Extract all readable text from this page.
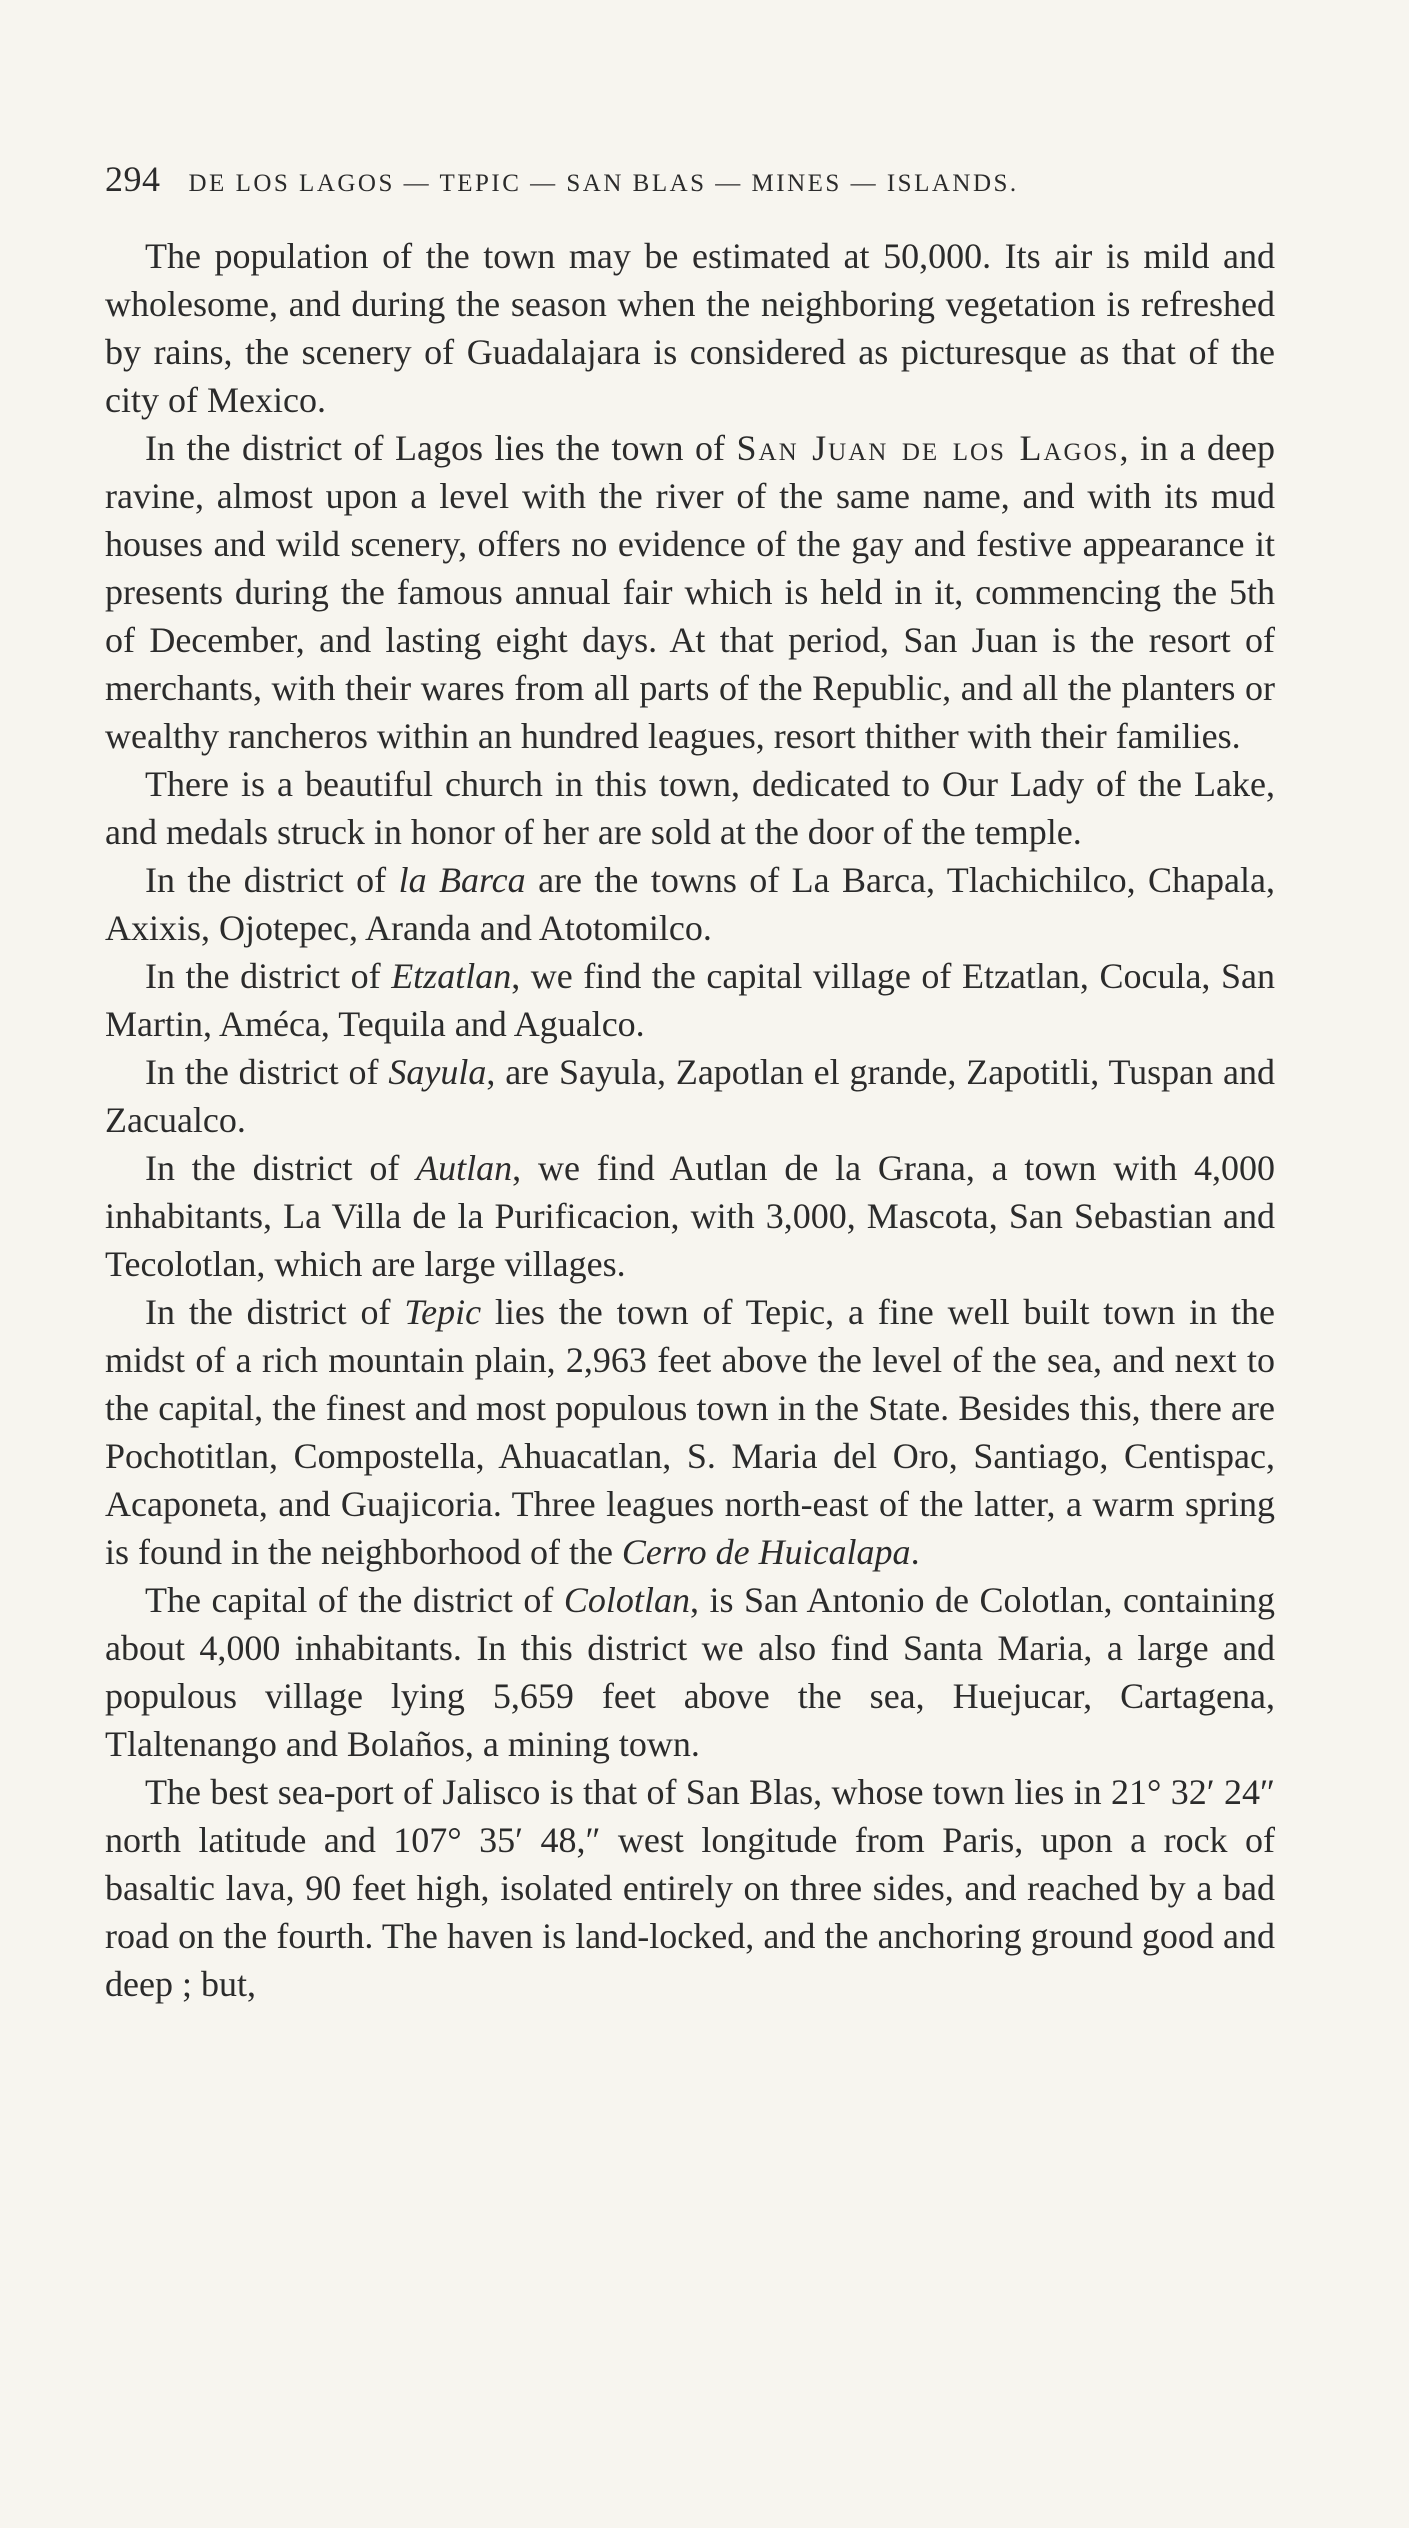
294 DE LOS LAGOS — TEPIC — SAN BLAS — MINES — ISLANDS.

The population of the town may be estimated at 50,000. Its air is mild and wholesome, and during the season when the neighboring vegetation is refreshed by rains, the scenery of Guadalajara is considered as picturesque as that of the city of Mexico.

In the district of Lagos lies the town of San Juan de los Lagos, in a deep ravine, almost upon a level with the river of the same name, and with its mud houses and wild scenery, offers no evidence of the gay and festive appearance it presents during the famous annual fair which is held in it, commencing the 5th of December, and lasting eight days. At that period, San Juan is the resort of merchants, with their wares from all parts of the Republic, and all the planters or wealthy rancheros within an hundred leagues, resort thither with their families.

There is a beautiful church in this town, dedicated to Our Lady of the Lake, and medals struck in honor of her are sold at the door of the temple.

In the district of la Barca are the towns of La Barca, Tlachichilco, Chapala, Axixis, Ojotepec, Aranda and Atotomilco.

In the district of Etzatlan, we find the capital village of Etzatlan, Cocula, San Martin, Améca, Tequila and Agualco.

In the district of Sayula, are Sayula, Zapotlan el grande, Zapotitli, Tuspan and Zacualco.

In the district of Autlan, we find Autlan de la Grana, a town with 4,000 inhabitants, La Villa de la Purificacion, with 3,000, Mascota, San Sebastian and Tecolotlan, which are large villages.

In the district of Tepic lies the town of Tepic, a fine well built town in the midst of a rich mountain plain, 2,963 feet above the level of the sea, and next to the capital, the finest and most populous town in the State. Besides this, there are Pochotitlan, Compostella, Ahuacatlan, S. Maria del Oro, Santiago, Centispac, Acaponeta, and Guajicoria. Three leagues north-east of the latter, a warm spring is found in the neighborhood of the Cerro de Huicalapa.

The capital of the district of Colotlan, is San Antonio de Colotlan, containing about 4,000 inhabitants. In this district we also find Santa Maria, a large and populous village lying 5,659 feet above the sea, Huejucar, Cartagena, Tlaltenango and Bolaños, a mining town.

The best sea-port of Jalisco is that of San Blas, whose town lies in 21° 32′ 24″ north latitude and 107° 35′ 48,″ west longitude from Paris, upon a rock of basaltic lava, 90 feet high, isolated entirely on three sides, and reached by a bad road on the fourth. The haven is land-locked, and the anchoring ground good and deep ; but,
